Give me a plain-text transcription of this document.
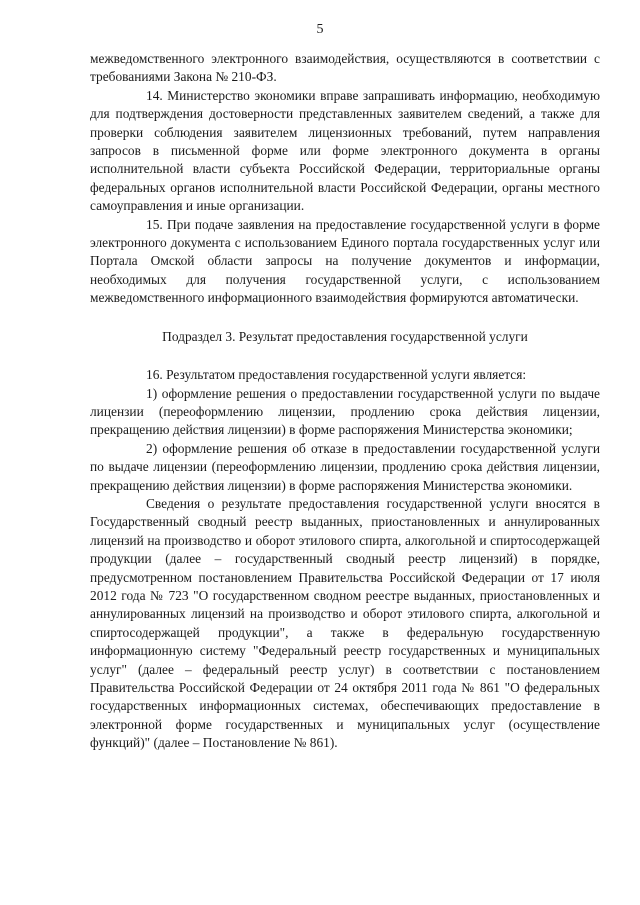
5

межведомственного электронного взаимодействия, осуществляются в соответствии с требованиями Закона № 210-ФЗ.

14. Министерство экономики вправе запрашивать информацию, необходимую для подтверждения достоверности представленных заявителем сведений, а также для проверки соблюдения заявителем лицензионных требований, путем направления запросов в письменной форме или форме электронного документа в органы исполнительной власти субъекта Российской Федерации, территориальные органы федеральных органов исполнительной власти Российской Федерации, органы местного самоуправления и иные организации.

15. При подаче заявления на предоставление государственной услуги в форме электронного документа с использованием Единого портала государственных услуг или Портала Омской области запросы на получение документов и информации, необходимых для получения государственной услуги, с использованием межведомственного информационного взаимодействия формируются автоматически.

Подраздел 3. Результат предоставления государственной услуги

16. Результатом предоставления государственной услуги является:

1) оформление решения о предоставлении государственной услуги по выдаче лицензии (переоформлению лицензии, продлению срока действия лицензии, прекращению действия лицензии) в форме распоряжения Министерства экономики;

2) оформление решения об отказе в предоставлении государственной услуги по выдаче лицензии (переоформлению лицензии, продлению срока действия лицензии, прекращению действия лицензии) в форме распоряжения Министерства экономики.

Сведения о результате предоставления государственной услуги вносятся в Государственный сводный реестр выданных, приостановленных и аннулированных лицензий на производство и оборот этилового спирта, алкогольной и спиртосодержащей продукции (далее – государственный сводный реестр лицензий) в порядке, предусмотренном постановлением Правительства Российской Федерации от 17 июля 2012 года № 723 "О государственном сводном реестре выданных, приостановленных и аннулированных лицензий на производство и оборот этилового спирта, алкогольной и спиртосодержащей продукции", а также в федеральную государственную информационную систему "Федеральный реестр государственных и муниципальных услуг" (далее – федеральный реестр услуг) в соответствии с постановлением Правительства Российской Федерации от 24 октября 2011 года № 861 "О федеральных государственных информационных системах, обеспечивающих предоставление в электронной форме государственных и муниципальных услуг (осуществление функций)" (далее – Постановление № 861).
